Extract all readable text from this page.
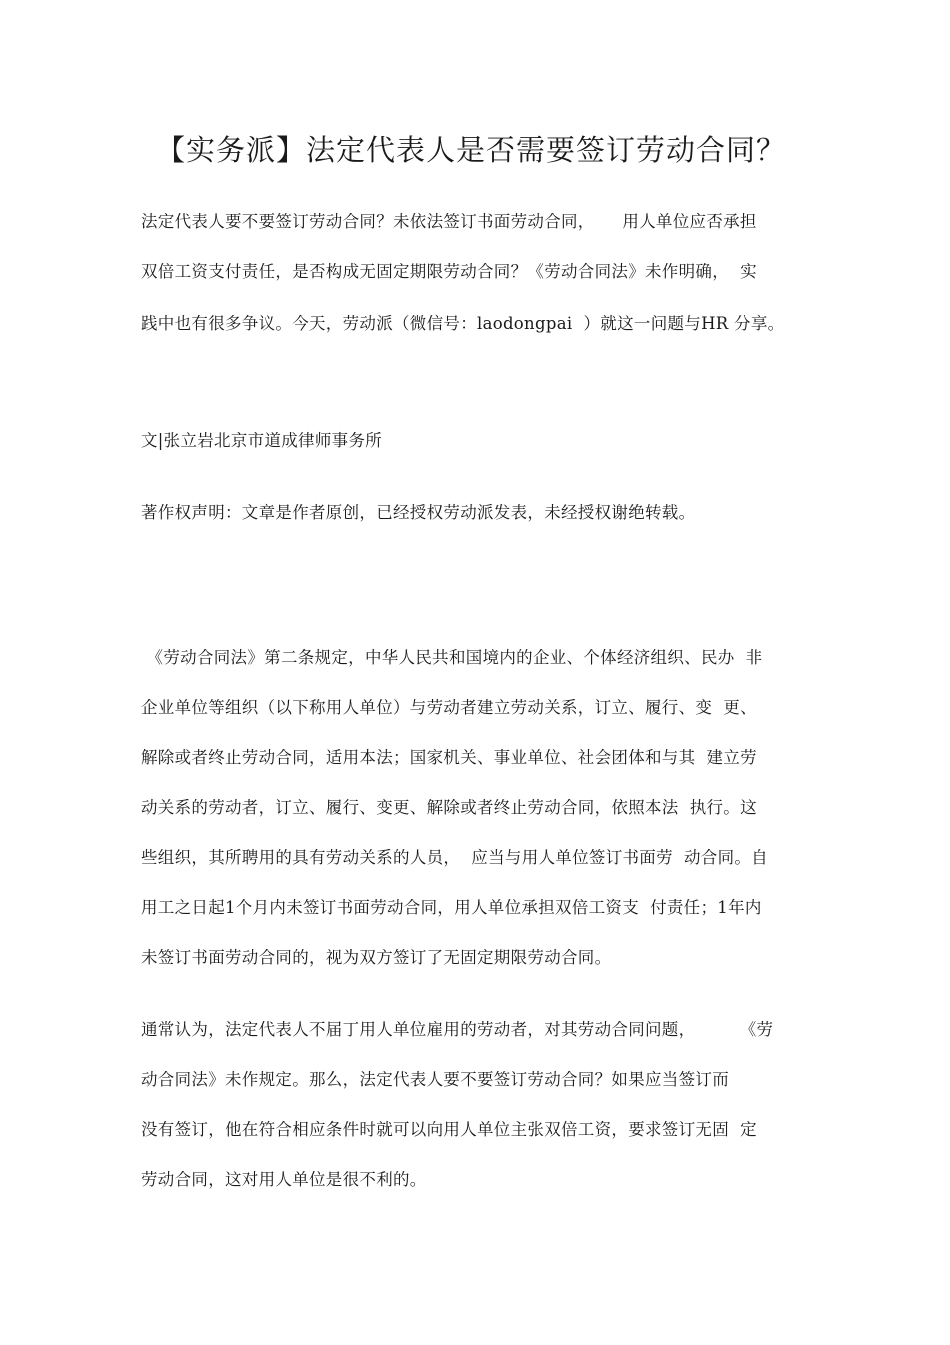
【实务派】法定代表人是否需要签订劳动合同？

法定代表人要不要签订劳动合同？未依法签订书面劳动合同，     用人单位应否承担

双倍工资支付责任，是否构成无固定期限劳动合同？《劳动合同法》未作明确，  实

践中也有很多争议。今天，劳动派（微信号：laodongpai  ）就这一问题与HR 分享。

文|张立岩北京市道成律师事务所

著作权声明：文章是作者原创，已经授权劳动派发表，未经授权谢绝转载。

《劳动合同法》第二条规定，中华人民共和国境内的企业、个体经济组织、民办  非

企业单位等组织（以下称用人单位）与劳动者建立劳动关系，订立、履行、变  更、

解除或者终止劳动合同，适用本法；国家机关、事业单位、社会团体和与其  建立劳

动关系的劳动者，订立、履行、变更、解除或者终止劳动合同，依照本法  执行。这

些组织，其所聘用的具有劳动关系的人员，  应当与用人单位签订书面劳  动合同。自

用工之日起1个月内未签订书面劳动合同，用人单位承担双倍工资支  付责任；1年内

未签订书面劳动合同的，视为双方签订了无固定期限劳动合同。

通常认为，法定代表人不届丁用人单位雇用的劳动者，对其劳动合同问题，        《劳

动合同法》未作规定。那么，法定代表人要不要签订劳动合同？如果应当签订而

没有签订，他在符合相应条件时就可以向用人单位主张双倍工资，要求签订无固  定

劳动合同，这对用人单位是很不利的。
